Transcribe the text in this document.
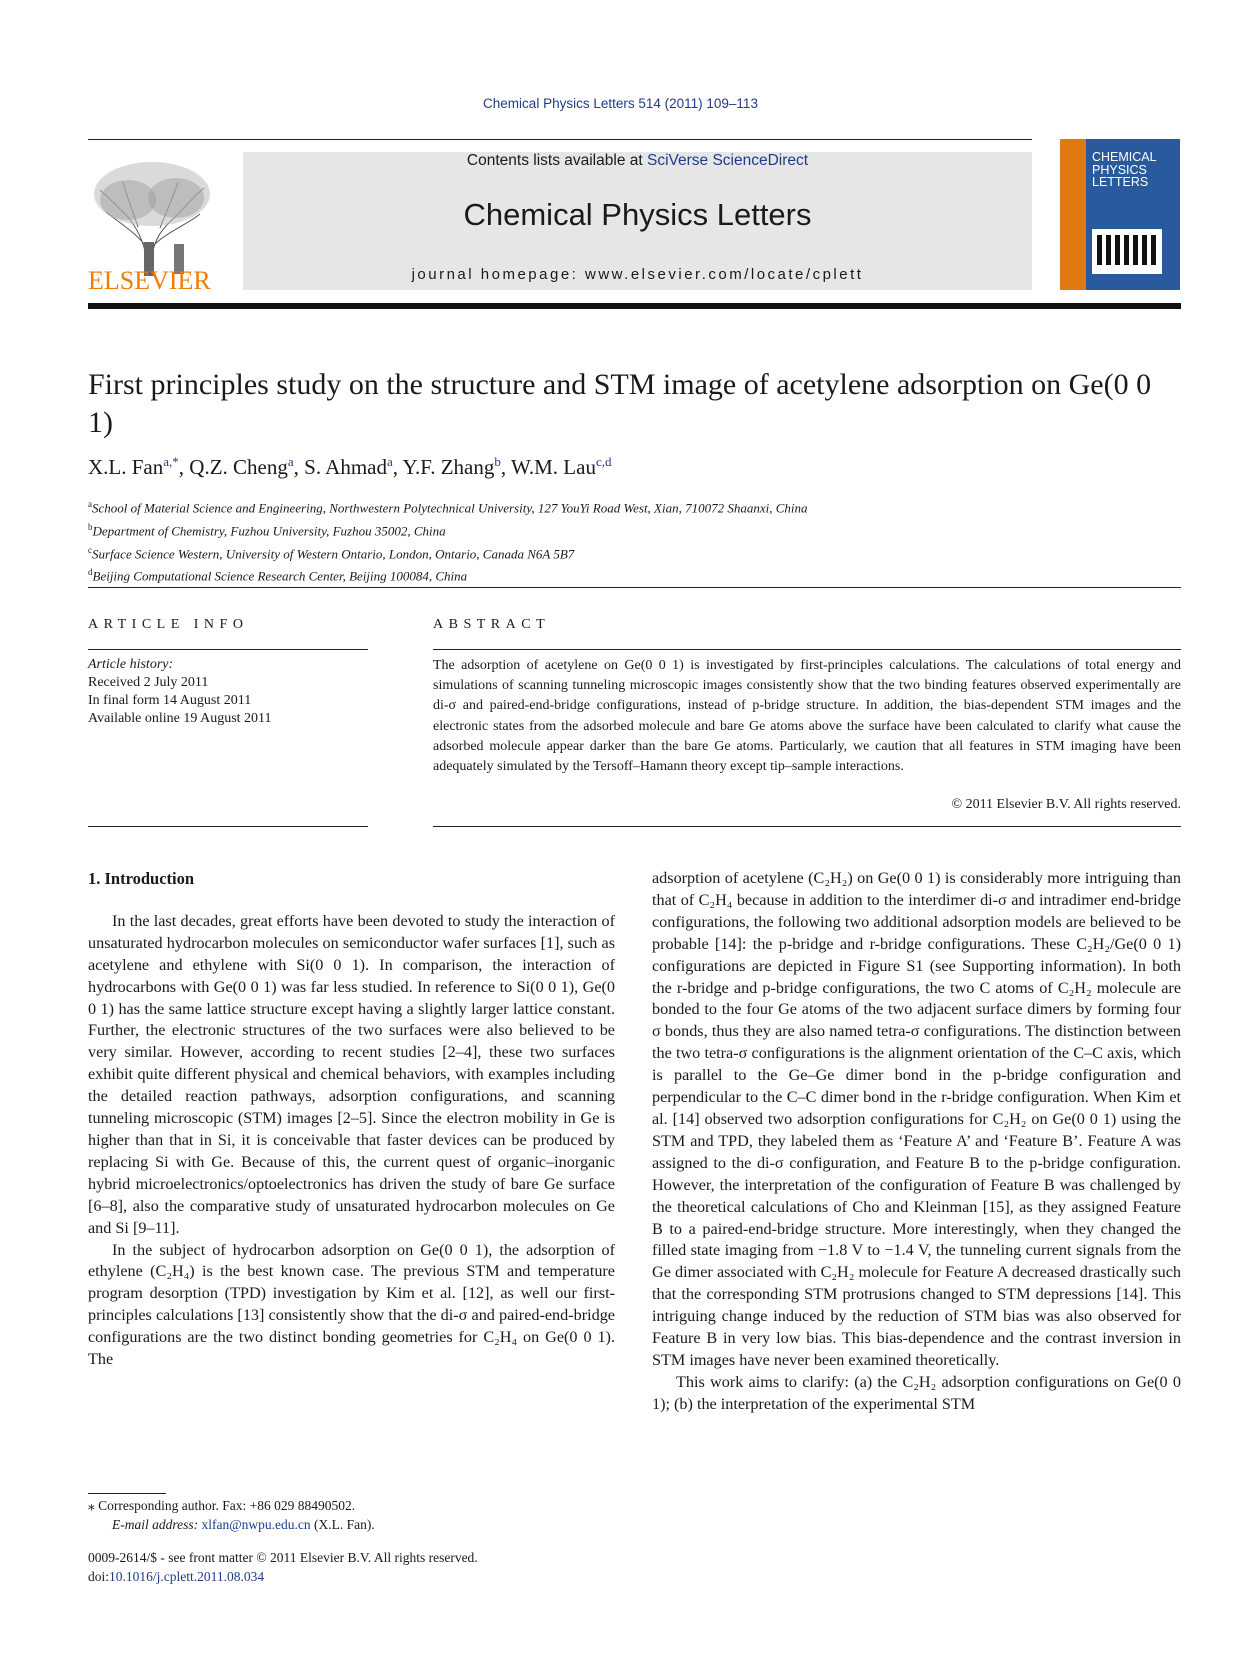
Chemical Physics Letters 514 (2011) 109–113
ELSEVIER
Contents lists available at SciVerse ScienceDirect
Chemical Physics Letters
journal homepage: www.elsevier.com/locate/cplett
CHEMICAL
PHYSICS
LETTERS
First principles study on the structure and STM image of acetylene adsorption on Ge(0 0 1)
X.L. Fan$^{a,*}$, Q.Z. Cheng$^a$, S. Ahmad$^a$, Y.F. Zhang$^b$, W.M. Lau$^{c,d}$
$^a$School of Material Science and Engineering, Northwestern Polytechnical University, 127 YouYi Road West, Xian, 710072 Shaanxi, China
$^b$Department of Chemistry, Fuzhou University, Fuzhou 35002, China
$^c$Surface Science Western, University of Western Ontario, London, Ontario, Canada N6A 5B7
$^d$Beijing Computational Science Research Center, Beijing 100084, China
ARTICLE INFO	ABSTRACT
Article history:
Received 2 July 2011
In final form 14 August 2011
Available online 19 August 2011
The adsorption of acetylene on Ge(0 0 1) is investigated by first-principles calculations. The calculations of total energy and simulations of scanning tunneling microscopic images consistently show that the two binding features observed experimentally are di-σ and paired-end-bridge configurations, instead of p-bridge structure. In addition, the bias-dependent STM images and the electronic states from the adsorbed molecule and bare Ge atoms above the surface have been calculated to clarify what cause the adsorbed molecule appear darker than the bare Ge atoms. Particularly, we caution that all features in STM imaging have been adequately simulated by the Tersoff–Hamann theory except tip–sample interactions.
© 2011 Elsevier B.V. All rights reserved.
1. Introduction

In the last decades, great efforts have been devoted to study the interaction of unsaturated hydrocarbon molecules on semiconductor wafer surfaces [1], such as acetylene and ethylene with Si(0 0 1). In comparison, the interaction of hydrocarbons with Ge(0 0 1) was far less studied. In reference to Si(0 0 1), Ge(0 0 1) has the same lattice structure except having a slightly larger lattice constant. Further, the electronic structures of the two surfaces were also believed to be very similar. However, according to recent studies [2–4], these two surfaces exhibit quite different physical and chemical behaviors, with examples including the detailed reaction pathways, adsorption configurations, and scanning tunneling microscopic (STM) images [2–5]. Since the electron mobility in Ge is higher than that in Si, it is conceivable that faster devices can be produced by replacing Si with Ge. Because of this, the current quest of organic–inorganic hybrid microelectronics/optoelectronics has driven the study of bare Ge surface [6–8], also the comparative study of unsaturated hydrocarbon molecules on Ge and Si [9–11].

In the subject of hydrocarbon adsorption on Ge(0 0 1), the adsorption of ethylene (C₂H₄) is the best known case. The previous STM and temperature program desorption (TPD) investigation by Kim et al. [12], as well our first-principles calculations [13] consistently show that the di-σ and paired-end-bridge configurations are the two distinct bonding geometries for C₂H₄ on Ge(0 0 1). The

adsorption of acetylene (C₂H₂) on Ge(0 0 1) is considerably more intriguing than that of C₂H₄ because in addition to the interdimer di-σ and intradimer end-bridge configurations, the following two additional adsorption models are believed to be probable [14]: the p-bridge and r-bridge configurations. These C₂H₂/Ge(0 0 1) configurations are depicted in Figure S1 (see Supporting information). In both the r-bridge and p-bridge configurations, the two C atoms of C₂H₂ molecule are bonded to the four Ge atoms of the two adjacent surface dimers by forming four σ bonds, thus they are also named tetra-σ configurations. The distinction between the two tetra-σ configurations is the alignment orientation of the C–C axis, which is parallel to the Ge–Ge dimer bond in the p-bridge configuration and perpendicular to the C–C dimer bond in the r-bridge configuration. When Kim et al. [14] observed two adsorption configurations for C₂H₂ on Ge(0 0 1) using the STM and TPD, they labeled them as ‘Feature A’ and ‘Feature B’. Feature A was assigned to the di-σ configuration, and Feature B to the p-bridge configuration. However, the interpretation of the configuration of Feature B was challenged by the theoretical calculations of Cho and Kleinman [15], as they assigned Feature B to a paired-end-bridge structure. More interestingly, when they changed the filled state imaging from −1.8 V to −1.4 V, the tunneling current signals from the Ge dimer associated with C₂H₂ molecule for Feature A decreased drastically such that the corresponding STM protrusions changed to STM depressions [14]. This intriguing change induced by the reduction of STM bias was also observed for Feature B in very low bias. This bias-dependence and the contrast inversion in STM images have never been examined theoretically.

This work aims to clarify: (a) the C₂H₂ adsorption configurations on Ge(0 0 1); (b) the interpretation of the experimental STM

⁎ Corresponding author. Fax: +86 029 88490502.
E-mail address: xlfan@nwpu.edu.cn (X.L. Fan).
0009-2614/$ - see front matter © 2011 Elsevier B.V. All rights reserved.
doi:10.1016/j.cplett.2011.08.034
